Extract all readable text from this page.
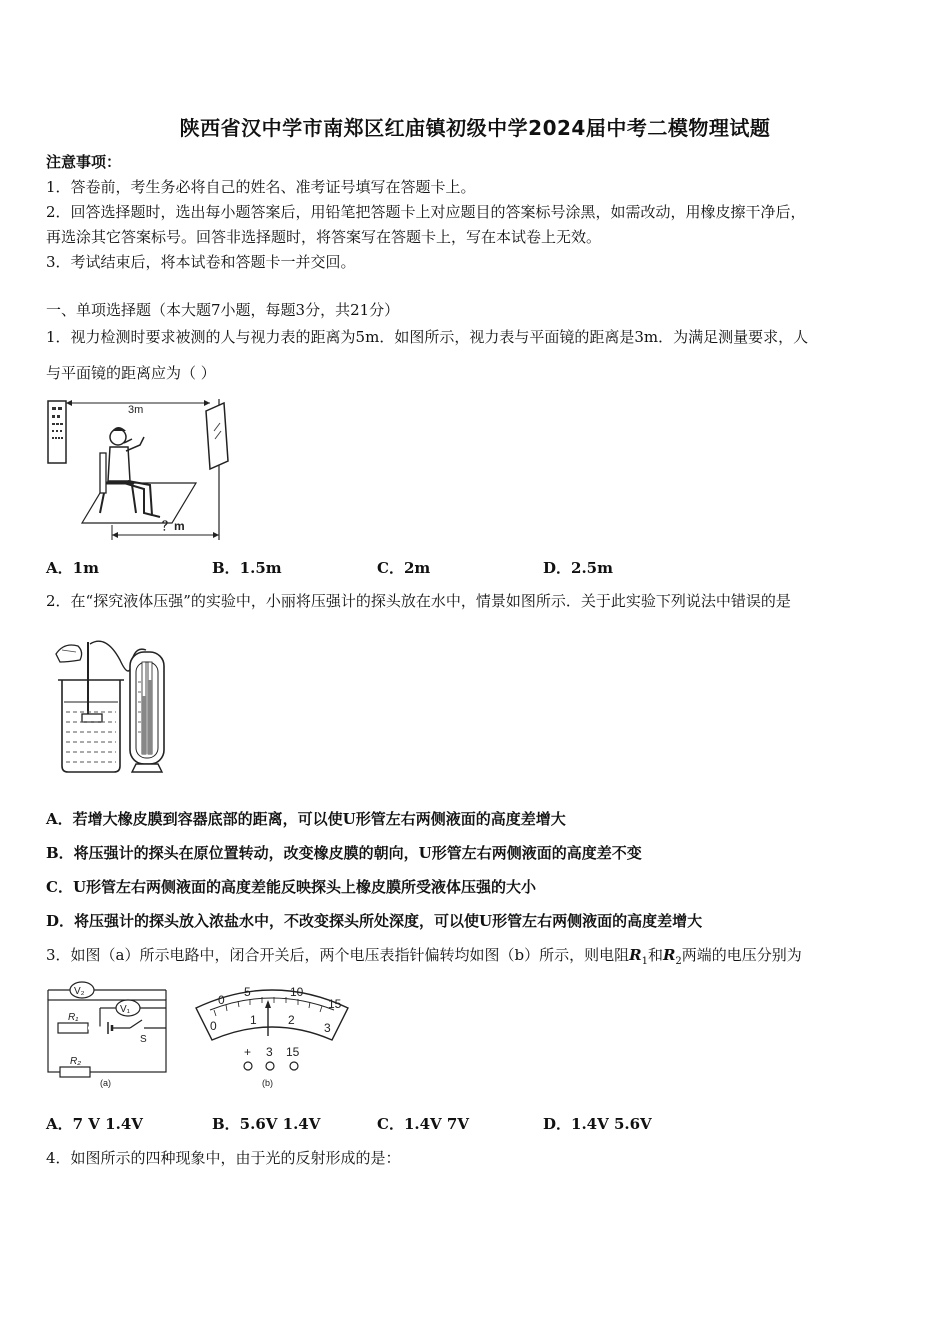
陕西省汉中学市南郑区红庙镇初级中学2024届中考二模物理试题
注意事项：
1．答卷前，考生务必将自己的姓名、准考证号填写在答题卡上。
2．回答选择题时，选出每小题答案后，用铅笔把答题卡上对应题目的答案标号涂黑，如需改动，用橡皮擦干净后，
再选涂其它答案标号。回答非选择题时，将答案写在答题卡上，写在本试卷上无效。
3．考试结束后，将本试卷和答题卡一并交回。
一、单项选择题（本大题7小题，每题3分，共21分）
1．视力检测时要求被测的人与视力表的距离为5m．如图所示，视力表与平面镜的距离是3m．为满足测量要求，人
与平面镜的距离应为（ ）
3m
？m
A．1m	B．1.5m	C．2m	D．2.5m
2．在“探究液体压强”的实验中，小丽将压强计的探头放在水中，情景如图所示．关于此实验下列说法中错误的是
A．若增大橡皮膜到容器底部的距离，可以使U形管左右两侧液面的高度差增大
B．将压强计的探头在原位置转动，改变橡皮膜的朝向，U形管左右两侧液面的高度差不变
C．U形管左右两侧液面的高度差能反映探头上橡皮膜所受液体压强的大小
D．将压强计的探头放入浓盐水中，不改变探头所处深度，可以使U形管左右两侧液面的高度差增大
3．如图（a）所示电路中，闭合开关后，两个电压表指针偏转均如图（b）所示，则电阻$R_1$和$R_2$两端的电压分别为
V₂
V₁
R₁
S
R₂
(a)
0	1	2
3
0
5	10
15
+ 3 15
(b)
A．7 V 1.4V	B．5.6V 1.4V	C．1.4V 7V	D．1.4V 5.6V
4．如图所示的四种现象中，由于光的反射形成的是：
